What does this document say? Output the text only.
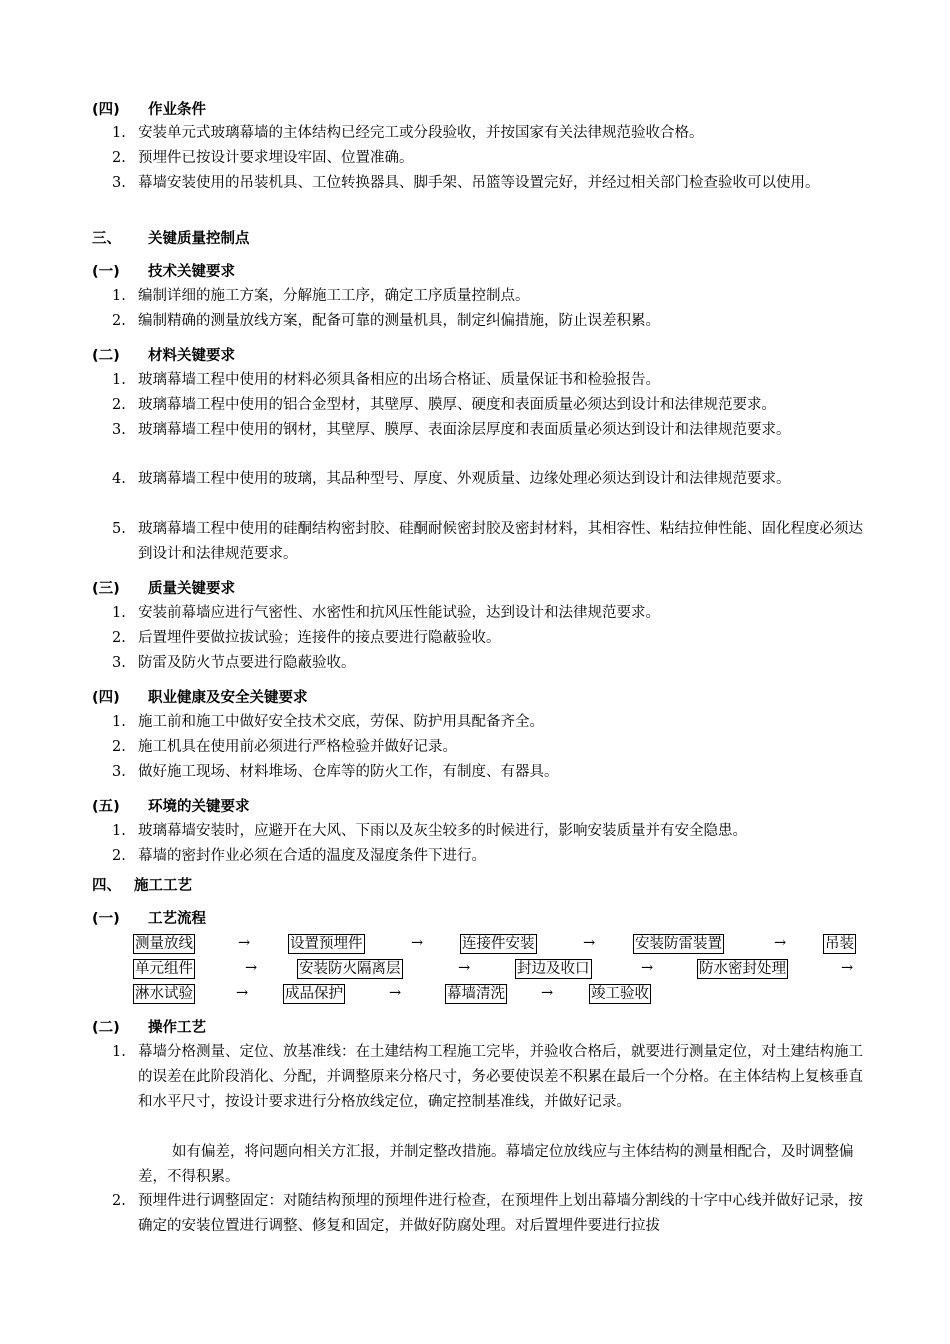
(四) 作业条件
1. 安装单元式玻璃幕墙的主体结构已经完工或分段验收，并按国家有关法律规范验收合格。
2. 预埋件已按设计要求埋设牢固、位置准确。
3. 幕墙安装使用的吊装机具、工位转换器具、脚手架、吊篮等设置完好，并经过相关部门检查验收可以使用。
三、 关键质量控制点
(一) 技术关键要求
1. 编制详细的施工方案，分解施工工序，确定工序质量控制点。
2. 编制精确的测量放线方案，配备可靠的测量机具，制定纠偏措施，防止误差积累。
(二) 材料关键要求
1. 玻璃幕墙工程中使用的材料必须具备相应的出场合格证、质量保证书和检验报告。
2. 玻璃幕墙工程中使用的铝合金型材，其壁厚、膜厚、硬度和表面质量必须达到设计和法律规范要求。
3. 玻璃幕墙工程中使用的钢材，其壁厚、膜厚、表面涂层厚度和表面质量必须达到设计和法律规范要求。
4. 玻璃幕墙工程中使用的玻璃，其品种型号、厚度、外观质量、边缘处理必须达到设计和法律规范要求。
5. 玻璃幕墙工程中使用的硅酮结构密封胶、硅酮耐候密封胶及密封材料，其相容性、粘结拉伸性能、固化程度必须达到设计和法律规范要求。
(三) 质量关键要求
1. 安装前幕墙应进行气密性、水密性和抗风压性能试验，达到设计和法律规范要求。
2. 后置埋件要做拉拔试验；连接件的接点要进行隐蔽验收。
3. 防雷及防火节点要进行隐蔽验收。
(四) 职业健康及安全关键要求
1. 施工前和施工中做好安全技术交底，劳保、防护用具配备齐全。
2. 施工机具在使用前必须进行严格检验并做好记录。
3. 做好施工现场、材料堆场、仓库等的防火工作，有制度、有器具。
(五) 环境的关键要求
1. 玻璃幕墙安装时，应避开在大风、下雨以及灰尘较多的时候进行，影响安装质量并有安全隐患。
2. 幕墙的密封作业必须在合适的温度及湿度条件下进行。
四、 施工工艺
(一) 工艺流程
测量放线	→	设置预埋件	→	连接件安装	→	安装防雷装置	→	吊装
单元组件	→	安装防火隔离层	→	封边及收口	→	防水密封处理	→
淋水试验	→	成品保护	→	幕墙清洗 →	竣工验收
(二) 操作工艺
1. 幕墙分格测量、定位、放基准线：在土建结构工程施工完毕，并验收合格后，就要进行测量定位，对土建结构施工的误差在此阶段消化、分配，并调整原来分格尺寸，务必要使误差不积累在最后一个分格。在主体结构上复核垂直和水平尺寸，按设计要求进行分格放线定位，确定控制基准线，并做好记录。
如有偏差，将问题向相关方汇报，并制定整改措施。幕墙定位放线应与主体结构的测量相配合，及时调整偏差，不得积累。
2. 预埋件进行调整固定：对随结构预埋的预埋件进行检查，在预埋件上划出幕墙分割线的十字中心线并做好记录，按确定的安装位置进行调整、修复和固定，并做好防腐处理。对后置埋件要进行拉拔
